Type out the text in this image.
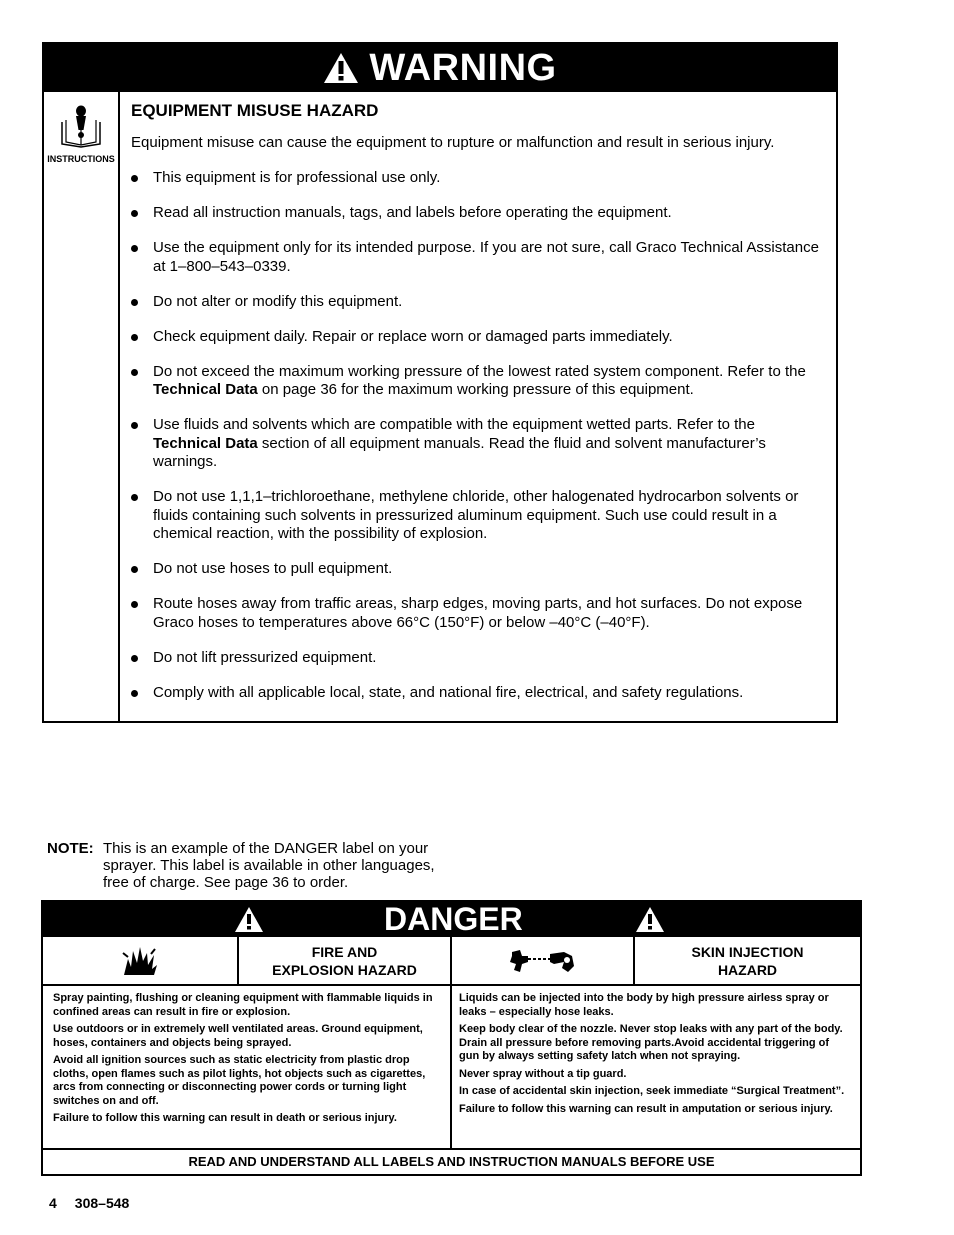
WARNING
INSTRUCTIONS
EQUIPMENT MISUSE HAZARD
Equipment misuse can cause the equipment to rupture or malfunction and result in serious injury.
This equipment is for professional use only.
Read all instruction manuals, tags, and labels before operating the equipment.
Use the equipment only for its intended purpose. If you are not sure, call Graco Technical Assistance at 1–800–543–0339.
Do not alter or modify this equipment.
Check equipment daily. Repair or replace worn or damaged parts immediately.
Do not exceed the maximum working pressure of the lowest rated system component. Refer to the Technical Data on page 36 for the maximum working pressure of this equipment.
Use fluids and solvents which are compatible with the equipment wetted parts. Refer to the Technical Data section of all equipment manuals. Read the fluid and solvent manufacturer’s warnings.
Do not use 1,1,1–trichloroethane, methylene chloride, other halogenated hydrocarbon solvents or fluids containing such solvents in pressurized aluminum equipment. Such use could result in a chemical reaction, with the possibility of explosion.
Do not use hoses to pull equipment.
Route hoses away from traffic areas, sharp edges, moving parts, and hot surfaces. Do not expose Graco hoses to temperatures above 66°C (150°F) or below –40°C (–40°F).
Do not lift pressurized equipment.
Comply with all applicable local, state, and national fire, electrical, and safety regulations.
NOTE: This is an example of the DANGER label on your sprayer. This label is available in other languages, free of charge. See page 36 to order.
DANGER
FIRE AND
EXPLOSION HAZARD
SKIN INJECTION
HAZARD

Spray painting, flushing or cleaning equipment with flammable liquids in confined areas can result in fire or explosion.

Use outdoors or in extremely well ventilated areas. Ground equipment, hoses, containers and objects being sprayed.

Avoid all ignition sources such as static electricity from plastic drop cloths, open flames such as pilot lights, hot objects such as cigarettes, arcs from connecting or disconnecting power cords or turning light switches on and off.

Failure to follow this warning can result in death or serious injury.

Liquids can be injected into the body by high pressure airless spray or leaks – especially hose leaks.

Keep body clear of the nozzle. Never stop leaks with any part of the body. Drain all pressure before removing parts.Avoid accidental triggering of gun by always setting safety latch when not spraying.

Never spray without a tip guard.

In case of accidental skin injection, seek immediate “Surgical Treatment”.

Failure to follow this warning can result in amputation or serious injury.

READ AND UNDERSTAND ALL LABELS AND INSTRUCTION MANUALS BEFORE USE
4 308–548
